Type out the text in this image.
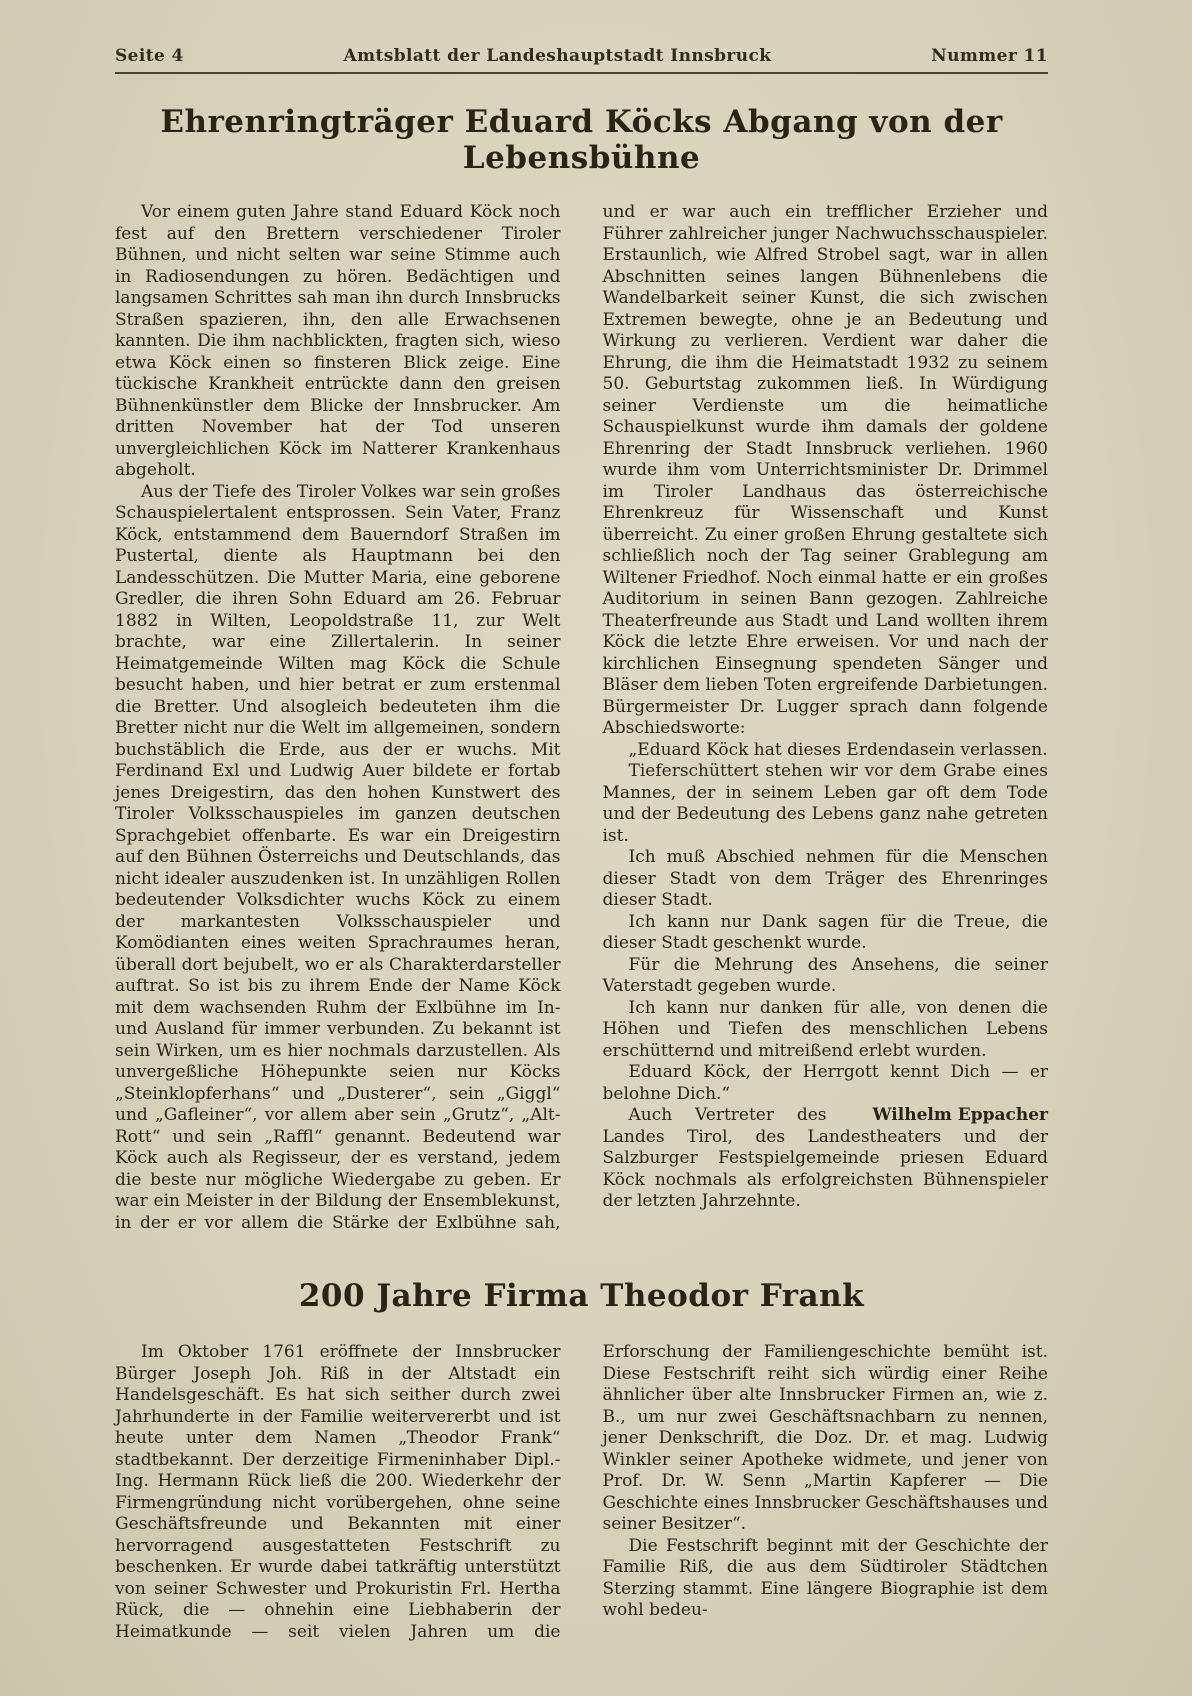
Seite 4	Amtsblatt der Landeshauptstadt Innsbruck	Nummer 11
Ehrenringträger Eduard Köcks Abgang von der Lebensbühne

Vor einem guten Jahre stand Eduard Köck noch fest auf den Brettern verschiedener Tiroler Bühnen, und nicht selten war seine Stimme auch in Radiosendungen zu hören. Bedächtigen und langsamen Schrittes sah man ihn durch Innsbrucks Straßen spazieren, ihn, den alle Erwachsenen kannten. Die ihm nachblickten, fragten sich, wieso etwa Köck einen so finsteren Blick zeige. Eine tückische Krankheit entrückte dann den greisen Bühnenkünstler dem Blicke der Innsbrucker. Am dritten November hat der Tod unseren unvergleichlichen Köck im Natterer Krankenhaus abgeholt.

Aus der Tiefe des Tiroler Volkes war sein großes Schauspielertalent entsprossen. Sein Vater, Franz Köck, entstammend dem Bauerndorf Straßen im Pustertal, diente als Hauptmann bei den Landesschützen. Die Mutter Maria, eine geborene Gredler, die ihren Sohn Eduard am 26. Februar 1882 in Wilten, Leopoldstraße 11, zur Welt brachte, war eine Zillertalerin. In seiner Heimatgemeinde Wilten mag Köck die Schule besucht haben, und hier betrat er zum erstenmal die Bretter. Und alsogleich bedeuteten ihm die Bretter nicht nur die Welt im allgemeinen, sondern buchstäblich die Erde, aus der er wuchs. Mit Ferdinand Exl und Ludwig Auer bildete er fortab jenes Dreigestirn, das den hohen Kunstwert des Tiroler Volksschauspieles im ganzen deutschen Sprachgebiet offenbarte. Es war ein Dreigestirn auf den Bühnen Österreichs und Deutschlands, das nicht idealer auszudenken ist. In unzähligen Rollen bedeutender Volksdichter wuchs Köck zu einem der markantesten Volksschauspieler und Komödianten eines weiten Sprachraumes heran, überall dort bejubelt, wo er als Charakterdarsteller auftrat. So ist bis zu ihrem Ende der Name Köck mit dem wachsenden Ruhm der Exlbühne im In- und Ausland für immer verbunden. Zu bekannt ist sein Wirken, um es hier nochmals darzustellen. Als unvergeßliche Höhepunkte seien nur Köcks „Steinklopferhans“ und „Dusterer“, sein „Giggl“ und „Gafleiner“, vor allem aber sein „Grutz“, „Alt-Rott“ und sein „Raffl“ genannt. Bedeutend war Köck auch als Regisseur, der es verstand, jedem die beste nur mögliche Wiedergabe zu geben. Er war ein Meister in der Bildung der Ensemblekunst, in der er vor allem die Stärke der Exlbühne sah, und er war auch ein trefflicher Erzieher und Führer zahlreicher junger Nachwuchsschauspieler. Erstaunlich, wie Alfred Strobel sagt, war in allen Abschnitten seines langen Bühnenlebens die Wandelbarkeit seiner Kunst, die sich zwischen Extremen bewegte, ohne je an Bedeutung und Wirkung zu verlieren. Verdient war daher die Ehrung, die ihm die Heimatstadt 1932 zu seinem 50. Geburtstag zukommen ließ. In Würdigung seiner Verdienste um die heimatliche Schauspielkunst wurde ihm damals der goldene Ehrenring der Stadt Innsbruck verliehen. 1960 wurde ihm vom Unterrichtsminister Dr. Drimmel im Tiroler Landhaus das österreichische Ehrenkreuz für Wissenschaft und Kunst überreicht. Zu einer großen Ehrung gestaltete sich schließlich noch der Tag seiner Grablegung am Wiltener Friedhof. Noch einmal hatte er ein großes Auditorium in seinen Bann gezogen. Zahlreiche Theaterfreunde aus Stadt und Land wollten ihrem Köck die letzte Ehre erweisen. Vor und nach der kirchlichen Einsegnung spendeten Sänger und Bläser dem lieben Toten ergreifende Darbietungen. Bürgermeister Dr. Lugger sprach dann folgende Abschiedsworte:

„Eduard Köck hat dieses Erdendasein verlassen.

Tieferschüttert stehen wir vor dem Grabe eines Mannes, der in seinem Leben gar oft dem Tode und der Bedeutung des Lebens ganz nahe getreten ist.

Ich muß Abschied nehmen für die Menschen dieser Stadt von dem Träger des Ehrenringes dieser Stadt.

Ich kann nur Dank sagen für die Treue, die dieser Stadt geschenkt wurde.

Für die Mehrung des Ansehens, die seiner Vaterstadt gegeben wurde.

Ich kann nur danken für alle, von denen die Höhen und Tiefen des menschlichen Lebens erschütternd und mitreißend erlebt wurden.

Eduard Köck, der Herrgott kennt Dich — er belohne Dich.“

Wilhelm Eppacher
Auch Vertreter des Landes Tirol, des Landestheaters und der Salzburger Festspielgemeinde priesen Eduard Köck nochmals als erfolgreichsten Bühnenspieler der letzten Jahrzehnte.

200 Jahre Firma Theodor Frank

Im Oktober 1761 eröffnete der Innsbrucker Bürger Joseph Joh. Riß in der Altstadt ein Handelsgeschäft. Es hat sich seither durch zwei Jahrhunderte in der Familie weitervererbt und ist heute unter dem Namen „Theodor Frank“ stadtbekannt. Der derzeitige Firmeninhaber Dipl.-Ing. Hermann Rück ließ die 200. Wiederkehr der Firmengründung nicht vorübergehen, ohne seine Geschäftsfreunde und Bekannten mit einer hervorragend ausgestatteten Festschrift zu beschenken. Er wurde dabei tatkräftig unterstützt von seiner Schwester und Prokuristin Frl. Hertha Rück, die — ohnehin eine Liebhaberin der Heimatkunde — seit vielen Jahren um die Erforschung der Familiengeschichte bemüht ist. Diese Festschrift reiht sich würdig einer Reihe ähnlicher über alte Innsbrucker Firmen an, wie z. B., um nur zwei Geschäftsnachbarn zu nennen, jener Denkschrift, die Doz. Dr. et mag. Ludwig Winkler seiner Apotheke widmete, und jener von Prof. Dr. W. Senn „Martin Kapferer — Die Geschichte eines Innsbrucker Geschäftshauses und seiner Besitzer“.

Die Festschrift beginnt mit der Geschichte der Familie Riß, die aus dem Südtiroler Städtchen Sterzing stammt. Eine längere Biographie ist dem wohl bedeu-
